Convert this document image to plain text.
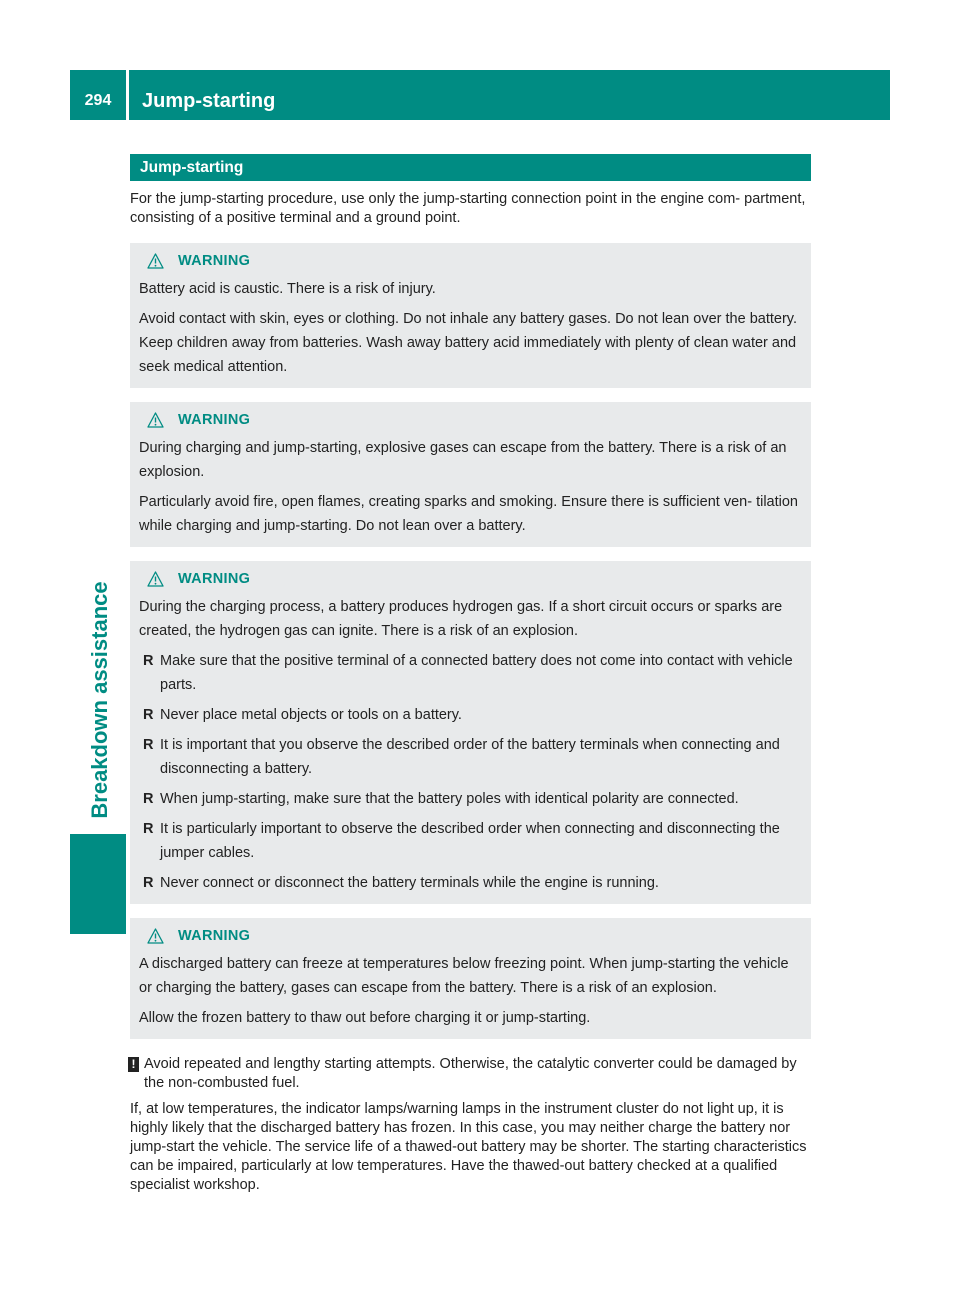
294	Jump-starting
Breakdown assistance
Jump-starting

For the jump-starting procedure, use only the jump-starting connection point in the engine com- partment, consisting of a positive terminal and a ground point.

WARNING

Battery acid is caustic. There is a risk of injury.

Avoid contact with skin, eyes or clothing. Do not inhale any battery gases. Do not lean over the battery. Keep children away from batteries. Wash away battery acid immediately with plenty of clean water and seek medical attention.

WARNING

During charging and jump-starting, explosive gases can escape from the battery. There is a risk of an explosion.

Particularly avoid fire, open flames, creating sparks and smoking. Ensure there is sufficient ven- tilation while charging and jump-starting. Do not lean over a battery.

WARNING

During the charging process, a battery produces hydrogen gas. If a short circuit occurs or sparks are created, the hydrogen gas can ignite. There is a risk of an explosion.

R Make sure that the positive terminal of a connected battery does not come into contact with vehicle parts.
R Never place metal objects or tools on a battery.
R It is important that you observe the described order of the battery terminals when connecting and disconnecting a battery.
R When jump-starting, make sure that the battery poles with identical polarity are connected.
R It is particularly important to observe the described order when connecting and disconnecting the jumper cables.
R Never connect or disconnect the battery terminals while the engine is running.
WARNING

A discharged battery can freeze at temperatures below freezing point. When jump-starting the vehicle or charging the battery, gases can escape from the battery. There is a risk of an explosion.

Allow the frozen battery to thaw out before charging it or jump-starting.

! Avoid repeated and lengthy starting attempts. Otherwise, the catalytic converter could be damaged by the non-combusted fuel.

If, at low temperatures, the indicator lamps/warning lamps in the instrument cluster do not light up, it is highly likely that the discharged battery has frozen. In this case, you may neither charge the battery nor jump-start the vehicle. The service life of a thawed-out battery may be shorter. The starting characteristics can be impaired, particularly at low temperatures. Have the thawed-out battery checked at a qualified specialist workshop.
